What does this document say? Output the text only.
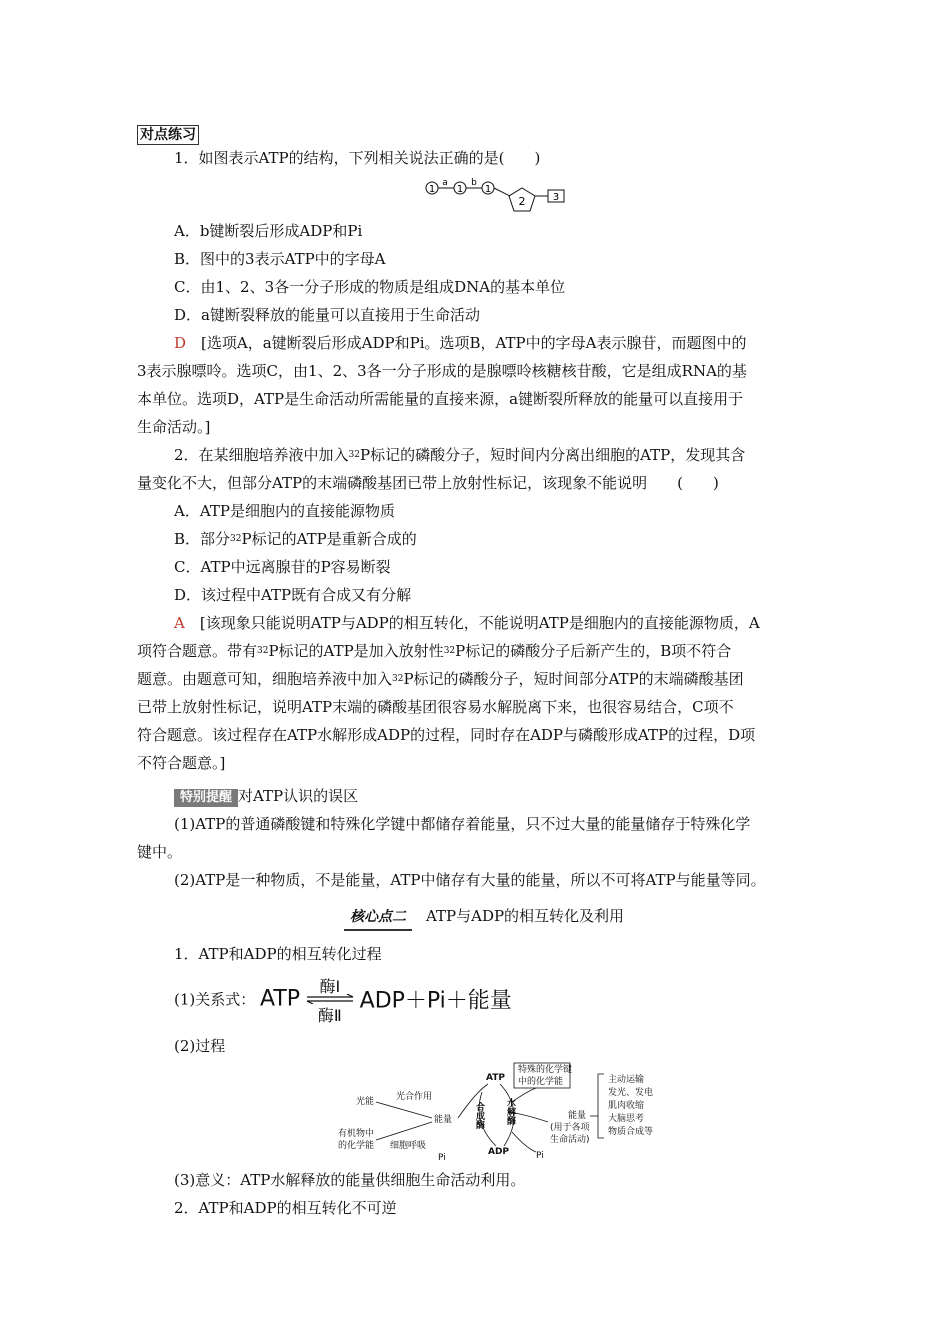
对点练习
1．如图表示ATP的结构，下列相关说法正确的是(　　)
1
a
1
b
1
2	3
A．b键断裂后形成ADP和Pi
B．图中的3表示ATP中的字母A
C．由1、2、3各一分子形成的物质是组成DNA的基本单位
D．a键断裂释放的能量可以直接用于生命活动
D　 [选项A，a键断裂后形成ADP和Pi。选项B，ATP中的字母A表示腺苷，而题图中的
3表示腺嘌呤。选项C，由1、2、3各一分子形成的是腺嘌呤核糖核苷酸，它是组成RNA的基
本单位。选项D，ATP是生命活动所需能量的直接来源，a键断裂所释放的能量可以直接用于
生命活动。]
2．在某细胞培养液中加入$^{32}$P标记的磷酸分子，短时间内分离出细胞的ATP，发现其含
量变化不大，但部分ATP的末端磷酸基团已带上放射性标记，该现象不能说明　　(　　)
A．ATP是细胞内的直接能源物质
B．部分$^{32}$P标记的ATP是重新合成的
C．ATP中远离腺苷的P容易断裂
D．该过程中ATP既有合成又有分解
A　 [该现象只能说明ATP与ADP的相互转化，不能说明ATP是细胞内的直接能源物质，A
项符合题意。带有$^{32}$P标记的ATP是加入放射性$^{32}$P标记的磷酸分子后新产生的，B项不符合
题意。由题意可知，细胞培养液中加入$^{32}$P标记的磷酸分子，短时间部分ATP的末端磷酸基团
已带上放射性标记，说明ATP末端的磷酸基团很容易水解脱离下来，也很容易结合，C项不
符合题意。该过程存在ATP水解形成ADP的过程，同时存在ADP与磷酸形成ATP的过程，D项
不符合题意。]
特别提醒 对ATP认识的误区
(1)ATP的普通磷酸键和特殊化学键中都储存着能量，只不过大量的能量储存于特殊化学
键中。
(2)ATP是一种物质，不是能量，ATP中储存有大量的能量，所以不可将ATP与能量等同。
核心点二 ATP与ADP的相互转化及利用
1．ATP和ADP的相互转化过程
(1)关系式： ATP	酶Ⅰ
酶Ⅱ
ADP＋Pi＋能量
(2)过程
光能 光合作用
能量
有机物中
的化学能 细胞呼吸
Pi
ATP
ADP	Pi
合成酶 水解酶
特殊的化学键
中的化学能
能量
(用于各项
生命活动)
主动运输
发光、发电
肌肉收缩
大脑思考
物质合成等
(3)意义：ATP水解释放的能量供细胞生命活动利用。
2．ATP和ADP的相互转化不可逆
